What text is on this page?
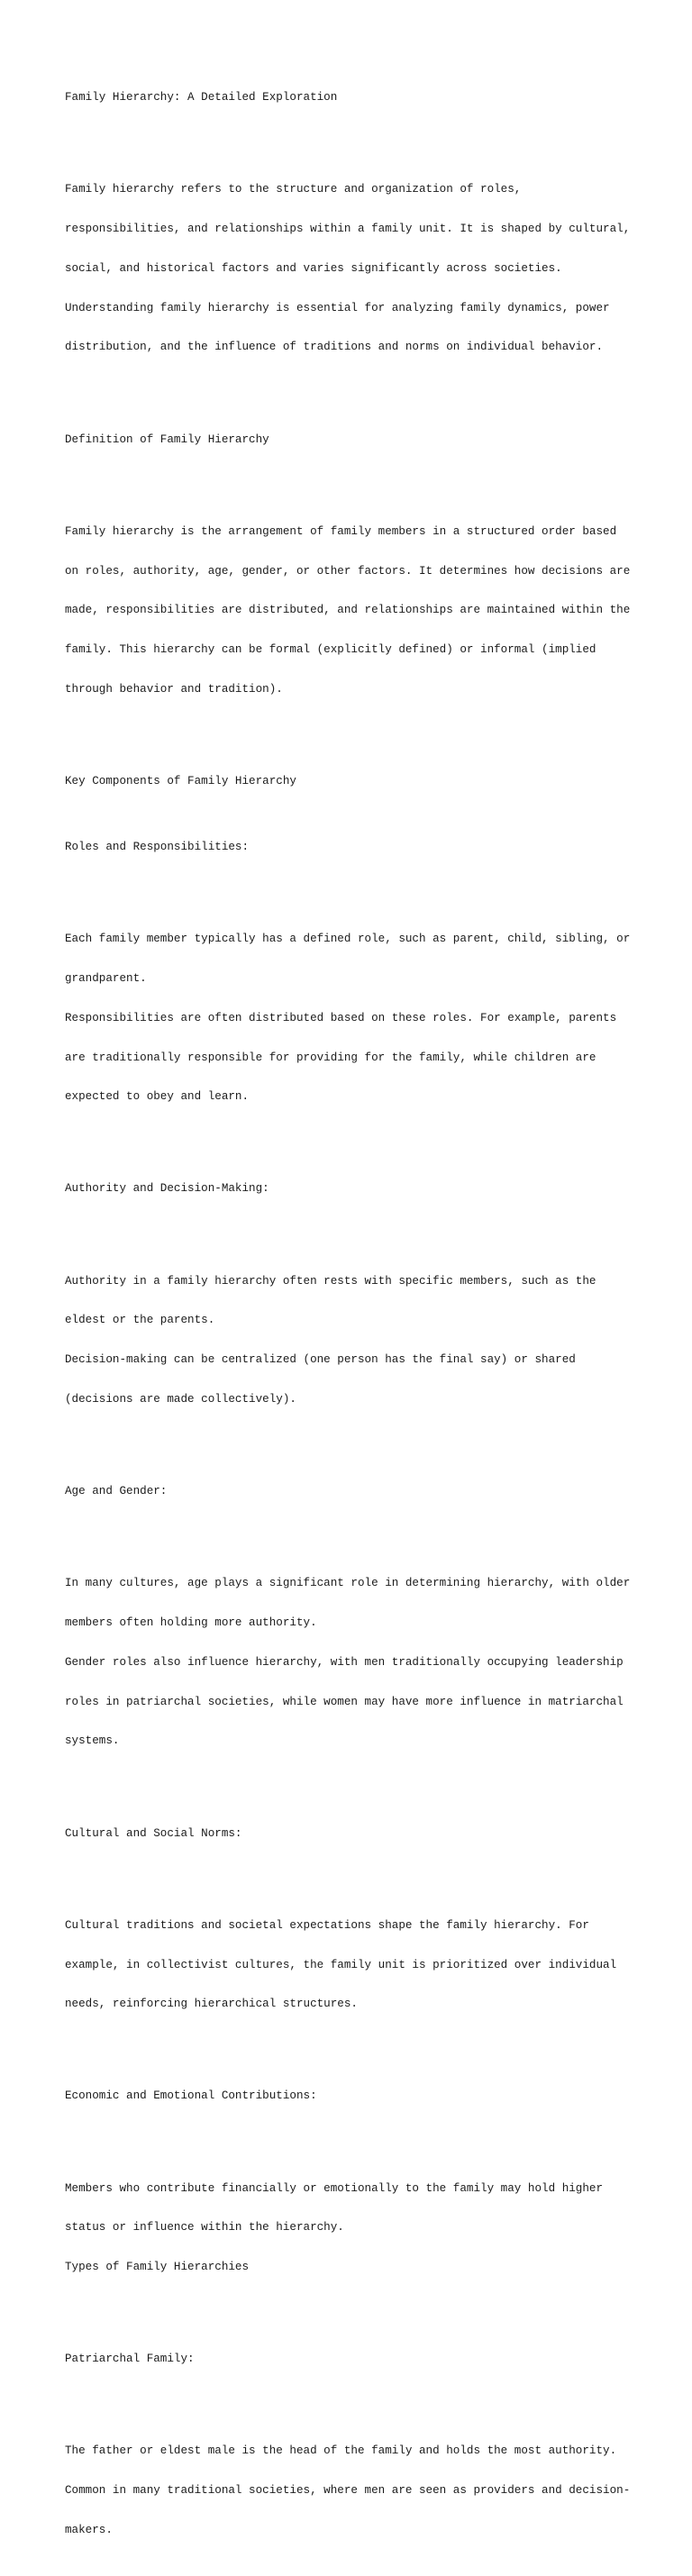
Family Hierarchy: A Detailed Exploration

Family hierarchy refers to the structure and organization of roles,

responsibilities, and relationships within a family unit. It is shaped by cultural,

social, and historical factors and varies significantly across societies.

Understanding family hierarchy is essential for analyzing family dynamics, power

distribution, and the influence of traditions and norms on individual behavior.

Definition of Family Hierarchy

Family hierarchy is the arrangement of family members in a structured order based

on roles, authority, age, gender, or other factors. It determines how decisions are

made, responsibilities are distributed, and relationships are maintained within the

family. This hierarchy can be formal (explicitly defined) or informal (implied

through behavior and tradition).

Key Components of Family Hierarchy

Roles and Responsibilities:

Each family member typically has a defined role, such as parent, child, sibling, or

grandparent.

Responsibilities are often distributed based on these roles. For example, parents

are traditionally responsible for providing for the family, while children are

expected to obey and learn.

Authority and Decision-Making:

Authority in a family hierarchy often rests with specific members, such as the

eldest or the parents.

Decision-making can be centralized (one person has the final say) or shared

(decisions are made collectively).

Age and Gender:

In many cultures, age plays a significant role in determining hierarchy, with older

members often holding more authority.

Gender roles also influence hierarchy, with men traditionally occupying leadership

roles in patriarchal societies, while women may have more influence in matriarchal

systems.

Cultural and Social Norms:

Cultural traditions and societal expectations shape the family hierarchy. For

example, in collectivist cultures, the family unit is prioritized over individual

needs, reinforcing hierarchical structures.

Economic and Emotional Contributions:

Members who contribute financially or emotionally to the family may hold higher

status or influence within the hierarchy.

Types of Family Hierarchies

Patriarchal Family:

The father or eldest male is the head of the family and holds the most authority.

Common in many traditional societies, where men are seen as providers and decision-

makers.
